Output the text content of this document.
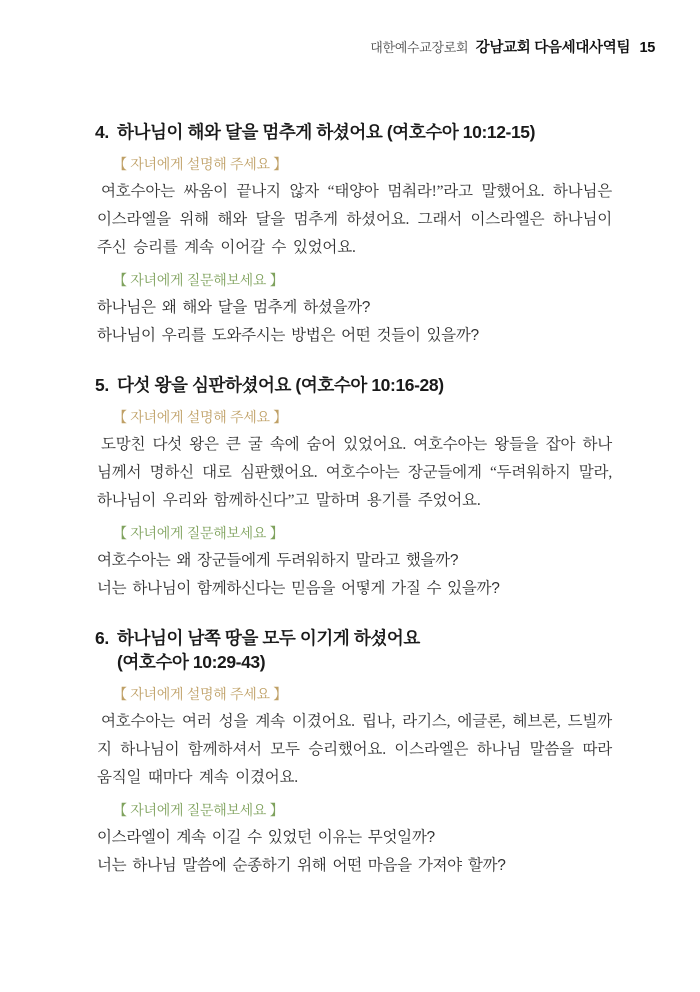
대한예수교장로회 강남교회 다음세대사역팀 15
4. 하나님이 해와 달을 멈추게 하셨어요 (여호수아 10:12-15)
【 자녀에게 설명해 주세요 】

여호수아는 싸움이 끝나지 않자 “태양아 멈춰라!”라고 말했어요. 하나님은 이스라엘을 위해 해와 달을 멈추게 하셨어요. 그래서 이스라엘은 하나님이 주신 승리를 계속 이어갈 수 있었어요.

【 자녀에게 질문해보세요 】
하나님은 왜 해와 달을 멈추게 하셨을까?
하나님이 우리를 도와주시는 방법은 어떤 것들이 있을까?
5. 다섯 왕을 심판하셨어요 (여호수아 10:16-28)
【 자녀에게 설명해 주세요 】

도망친 다섯 왕은 큰 굴 속에 숨어 있었어요. 여호수아는 왕들을 잡아 하나님께서 명하신 대로 심판했어요. 여호수아는 장군들에게 “두려워하지 말라, 하나님이 우리와 함께하신다”고 말하며 용기를 주었어요.

【 자녀에게 질문해보세요 】
여호수아는 왜 장군들에게 두려워하지 말라고 했을까?
너는 하나님이 함께하신다는 믿음을 어떻게 가질 수 있을까?
6. 하나님이 남쪽 땅을 모두 이기게 하셨어요
(여호수아 10:29-43)
【 자녀에게 설명해 주세요 】

여호수아는 여러 성을 계속 이겼어요. 립나, 라기스, 에글론, 헤브론, 드빌까지 하나님이 함께하셔서 모두 승리했어요. 이스라엘은 하나님 말씀을 따라 움직일 때마다 계속 이겼어요.

【 자녀에게 질문해보세요 】
이스라엘이 계속 이길 수 있었던 이유는 무엇일까?
너는 하나님 말씀에 순종하기 위해 어떤 마음을 가져야 할까?
